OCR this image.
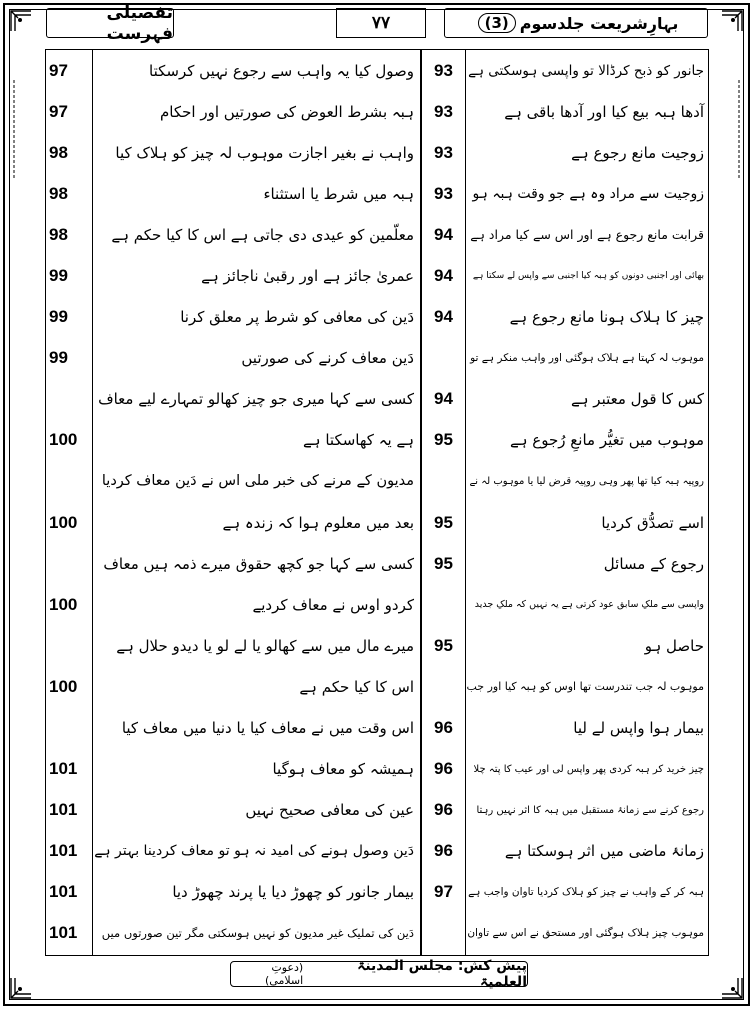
تفصیلی فہرست
۷۷	بہارِشریعت جلدسوم
(3)
جانور کو ذبح کرڈالا تو واپسی ہوسکتی ہے
93
وصول کیا یہ واہب سے رجوع نہیں کرسکتا
97
آدھا ہبہ بیع کیا اور آدھا باقی ہے
93
ہبہ بشرط العوض کی صورتیں اور احکام
97
زوجیت مانع رجوع ہے
93
واہب نے بغیر اجازت موہوب لہ چیز کو ہلاک کیا
98
زوجیت سے مراد وہ ہے جو وقت ہبہ ہو
93
ہبہ میں شرط یا استثناء
98
قرابت مانع رجوع ہے اور اس سے کیا مراد ہے
94
معلّمین کو عیدی دی جاتی ہے اس کا کیا حکم ہے
98
بھائی اور اجنبی دونوں کو ہبہ کیا اجنبی سے واپس لے سکتا ہے
94
عمریٰ جائز ہے اور رقبیٰ ناجائز ہے
99
چیز کا ہلاک ہونا مانع رجوع ہے
94
دَین کی معافی کو شرط پر معلق کرنا
99
موہوب لہ کہتا ہے ہلاک ہوگئی اور واہب منکر ہے تو
دَین معاف کرنے کی صورتیں
99
کس کا قول معتبر ہے
94
کسی سے کہا میری جو چیز کھالو تمہارے لیے معاف
موہوب میں تغیُّر مانعِ رُجوع ہے
95
ہے یہ کھاسکتا ہے
100
روپیہ ہبہ کیا تھا پھر وہی روپیہ قرض لیا یا موہوب لہ نے
مدیون کے مرنے کی خبر ملی اس نے دَین معاف کردیا
اسے تصدُّق کردیا
95
بعد میں معلوم ہوا کہ زندہ ہے
100
رجوع کے مسائل
95
کسی سے کہا جو کچھ حقوق میرے ذمہ ہیں معاف
واپسی سے ملکِ سابق عود کرتی ہے یہ نہیں کہ ملکِ جدید
کردو اوس نے معاف کردیے
100
حاصل ہو
95
میرے مال میں سے کھالو یا لے لو یا دیدو حلال ہے
موہوب لہ جب تندرست تھا اوس کو ہبہ کیا اور جب
اس کا کیا حکم ہے
100
بیمار ہوا واپس لے لیا
96
اس وقت میں نے معاف کیا یا دنیا میں معاف کیا
چیز خرید کر ہبہ کردی پھر واپس لی اور عیب کا پتہ چلا
96
ہمیشہ کو معاف ہوگیا
101
رجوع کرنے سے زمانۂ مستقبل میں ہبہ کا اثر نہیں رہتا
96
عین کی معافی صحیح نہیں
101
زمانۂ ماضی میں اثر ہوسکتا ہے
96
دَین وصول ہونے کی امید نہ ہو تو معاف کردینا بہتر ہے
101
ہبہ کر کے واہب نے چیز کو ہلاک کردیا تاوان واجب ہے
97
بیمار جانور کو چھوڑ دیا یا پرند چھوڑ دیا
101
موہوب چیز ہلاک ہوگئی اور مستحق نے اس سے تاوان
دَین کی تملیک غیر مدیون کو نہیں ہوسکتی مگر تین صورتوں میں
101
پیش کش: مجلس المدینۃ العلمیۃ
(دعوتِ اسلامی)
